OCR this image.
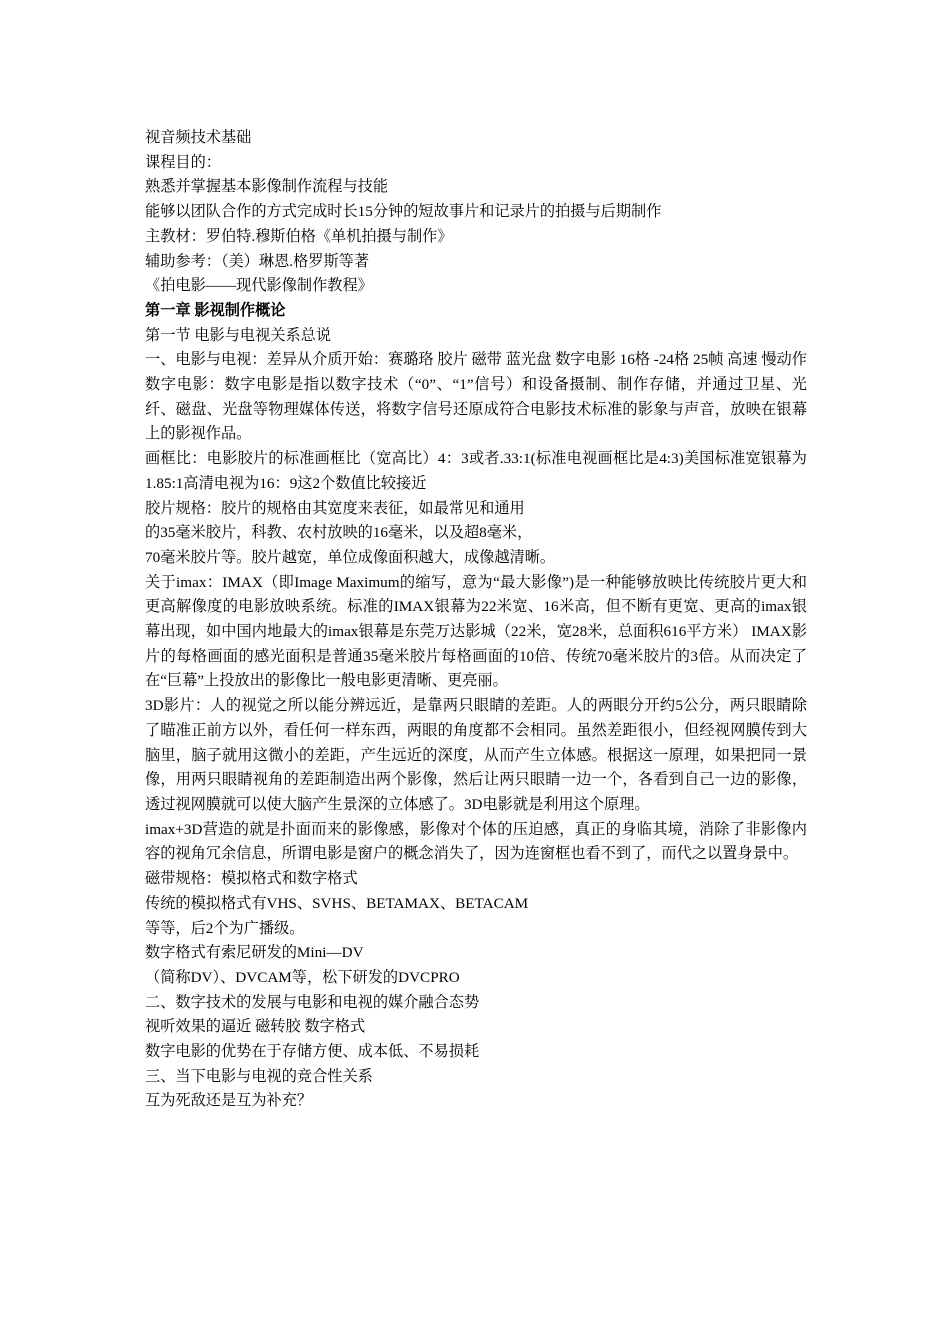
视音频技术基础

课程目的：

熟悉并掌握基本影像制作流程与技能

能够以团队合作的方式完成时长15分钟的短故事片和记录片的拍摄与后期制作

主教材：罗伯特.穆斯伯格《单机拍摄与制作》

辅助参考：（美）琳恩.格罗斯等著

《拍电影——现代影像制作教程》

第一章 影视制作概论

第一节 电影与电视关系总说

一、电影与电视：差异从介质开始：赛璐珞 胶片 磁带 蓝光盘 数字电影 16格 -24格 25帧 高速 慢动作

数字电影：数字电影是指以数字技术（“0”、“1”信号）和设备摄制、制作存储，并通过卫星、光纤、磁盘、光盘等物理媒体传送，将数字信号还原成符合电影技术标准的影象与声音，放映在银幕上的影视作品。

画框比：电影胶片的标准画框比（宽高比）4：3或者.33:1(标准电视画框比是4:3)美国标准宽银幕为1.85:1高清电视为16：9这2个数值比较接近

胶片规格：胶片的规格由其宽度来表征，如最常见和通用

的35毫米胶片，科教、农村放映的16毫米，以及超8毫米，

70毫米胶片等。胶片越宽，单位成像面积越大，成像越清晰。

关于imax：IMAX（即Image Maximum的缩写，意为“最大影像”)是一种能够放映比传统胶片更大和更高解像度的电影放映系统。标准的IMAX银幕为22米宽、16米高，但不断有更宽、更高的imax银幕出现，如中国内地最大的imax银幕是东莞万达影城（22米，宽28米，总面积616平方米） IMAX影片的每格画面的感光面积是普通35毫米胶片每格画面的10倍、传统70毫米胶片的3倍。从而决定了在“巨幕”上投放出的影像比一般电影更清晰、更亮丽。

3D影片：人的视觉之所以能分辨远近，是靠两只眼睛的差距。人的两眼分开约5公分，两只眼睛除了瞄准正前方以外，看任何一样东西，两眼的角度都不会相同。虽然差距很小，但经视网膜传到大脑里，脑子就用这微小的差距，产生远近的深度，从而产生立体感。根据这一原理，如果把同一景像，用两只眼睛视角的差距制造出两个影像，然后让两只眼睛一边一个，各看到自己一边的影像，透过视网膜就可以使大脑产生景深的立体感了。3D电影就是利用这个原理。

imax+3D营造的就是扑面而来的影像感，影像对个体的压迫感，真正的身临其境，消除了非影像内容的视角冗余信息，所谓电影是窗户的概念消失了，因为连窗框也看不到了，而代之以置身景中。

磁带规格：模拟格式和数字格式

传统的模拟格式有VHS、SVHS、BETAMAX、BETACAM

等等，后2个为广播级。

数字格式有索尼研发的Mini—DV

（简称DV）、DVCAM等，松下研发的DVCPRO

二、数字技术的发展与电影和电视的媒介融合态势

视听效果的逼近 磁转胶 数字格式

数字电影的优势在于存储方便、成本低、不易损耗

三、当下电影与电视的竞合性关系

互为死敌还是互为补充？
